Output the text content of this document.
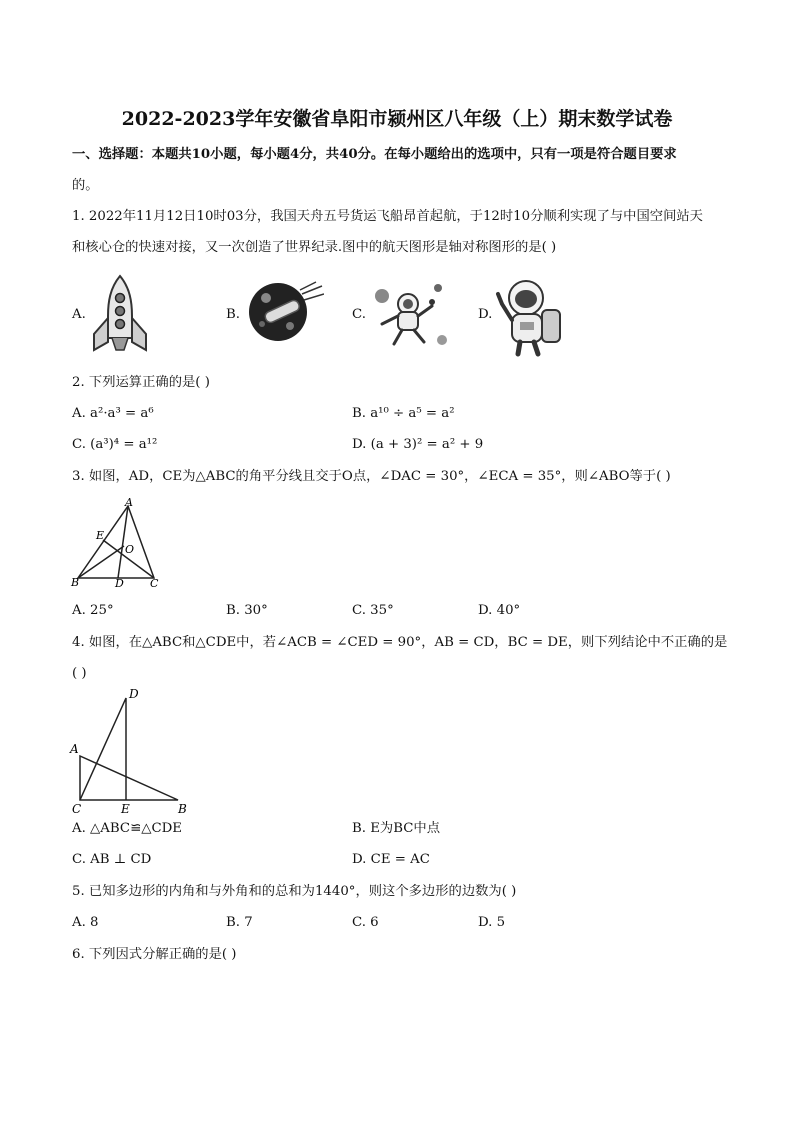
2022-2023学年安徽省阜阳市颍州区八年级（上）期末数学试卷
一、选择题：本题共10小题，每小题4分，共40分。在每小题给出的选项中，只有一项是符合题目要求
的。
1. 2022年11月12日10时03分，我国天舟五号货运飞船昂首起航，于12时10分顺利实现了与中国空间站天
和核心仓的快速对接，又一次创造了世界纪录.图中的航天图形是轴对称图形的是( )
A.	B.	C.	D.
2. 下列运算正确的是( )
A. a²·a³ = a⁶	B. a¹⁰ ÷ a⁵ = a²
C. (a³)⁴ = a¹²	D. (a + 3)² = a² + 9
3. 如图，AD，CE为△ABC的角平分线且交于O点，∠DAC = 30°，∠ECA = 35°，则∠ABO等于( )
A
E
O
B	D C
A. 25°	B. 30°	C. 35°	D. 40°
4. 如图，在△ABC和△CDE中，若∠ACB = ∠CED = 90°，AB = CD，BC = DE，则下列结论中不正确的是
( )
D
A
C	E	B
A. △ABC≌△CDE	B. E为BC中点
C. AB ⊥ CD	D. CE = AC
5. 已知多边形的内角和与外角和的总和为1440°，则这个多边形的边数为( )
A. 8	B. 7	C. 6	D. 5
6. 下列因式分解正确的是( )
